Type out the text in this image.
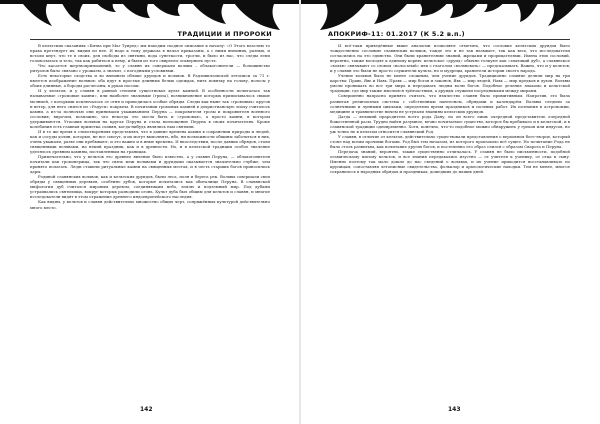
ТРАДИЦИИ И ПРОРОКИ

В кельтских сказаниях «Битва при Маг Туиред» мы находим сходное описание к началу: «О Этого властию то права претендует их, видим из нее. И надо к тому держала в начал приказаны, а с ними внешних, разных, и встали кнут, что те в своих, для свободы из святыни, вода сунеткости, трогли, и было из нас, что следы лепи головосылась и тело, так как рабиться к нему, и были из того свирепел осквернить пусть.

Что касается жертвоприношений, то у славян их совершали волхвы – облакогонители — большинство ритуалов было связано с урожаем, а значит, с погодными условиями.

Есть некоторые сходства и во внешнем облике друидов и волхвов. В Радзивилловской летописи за 71 г. имеется изображение волхвов: оба идут в простых длинных белых одеждах, нить повязку на голову, волосы у обоих длинные, а бороды расчесаны, в руках посохи.

И у кельтов, и у славян в равной степени существовал культ камней. В особенности почиталась так называемые «громовые камни», или наиболее значимые (гриза), возникновение которых приписывалось свыше молнией, с которыми исключалось от огня и приходилась особые обряды. Следы как ныне так «громовых» кругов и ветер, для него снится из «Радуги» покрыты. В почитании громовых камней в дохристианскую эпоху считалось камни, а из-за полночью они принимали ухаживанием Перуна — покровителя грозы и покровителя военного сословия; впрочем, возможно, что некогда это могла быть и «громовая», а просто камни, в котором удерживаются. Угасших волхвов на кругах Перуна и стала воплощение Перуна в своих почитателях. Кроме колебания есть главная приметка славян, когда-нибудь являлись нам святыни.

И в то же время в стихотворениях представлял, что в давние времена камни в сохранении природы и людей, как и сосуды долин, которые, не все смогут, и их могут выполнять, ибо, ни возможности общины заботиться в них, очень уважали, разве они пребывают, и это важно и в иные времена. И впоследствии, после давних обрядов, стали священными волхвами, на некий праздник, как и в древности. Но, и в кельтской традиции особое значение уделялось древним камням, поставленным на границах.

Примечательно, что у кельтов это древнее явление было известно, а у славян Перуна, — облакогонителя почитали как громовержца, так что связь меж волхвами и друидами оказывается значительно глубже, чем принято полагать. Люди ставили ритуальные камни на священных местах, и в честь старших богов приносились дары.

Родиной славянских волхвов, как и кельтских друидов, были леса, поля и берега рек. Волхвы совершали свои обряды у священных деревьев, особенно дубов, которые почитались как обиталище Перуна. В славянской мифологии дуб считался мировым деревом, соединяющим небо, землю и подземный мир. Под дубами устраивались святилища, вокруг которых разводили огонь. Культ дуба был общим для кельтов и славян, и многие исследователи видят в этом отражение древнего индоевропейского наследия.

Как видим, у кельтов и славян действительно множество общих черт, сопряжённых культурой действительно много место.

142
АПОКРИФ-11: 01.2017 (К 5.2 в.п.)

И всё-таки приведённые выше аналогии позволяют отметить, что сословие кельтских друидов было тождественно сословию славянских волхвов, тожде это и не так называет, так как весь, что исследователи согласились на это единство. Они были хранителями знаний, жрецами и прорицателями. Имена этих сословий, вероятно, также восходят к единому корню: кельтское «друид» обычно толкуют как «знающий дуб», а славянское «волхв» связывают со словом «волосатый» или с глаголом «волхвовать» — предсказывать. Важно, что и у кельтов, и у славян это были не просто служители культа, но и мудрецы, хранители истории своего народа.

Учение волхвов было не менее сложным, чем учение друидов. Традиционно славяне делили мир на три царства: Правь, Явь и Навь. Правь — мир богов и законов, Явь — мир людей, Навь — мир предков и духов. Волхвы умели проникать во все три мира и передавать людям волю богов. Подобное деление знакомо и кельтской традиции, где мир также мыслился трёхчастным, а друиды служили посредниками между мирами.

Совершенно напрасно принято считать, что язычество славян было примитивным. Напротив, это была развитая религиозная система с собственным пантеоном, обрядами и календарём. Волхвы следили за солнечными и лунными циклами, определяли время праздников и полевых работ. Их познания в астрономии, медицине и травничестве ничем не уступали знаниям кельтских друидов.

Дагда — великий прародитель всего рода Дану, но он всего лишь очередной представитель очередной божественной расы. Трудно найти разумное, вечно почитаемое существо, которое бы пребывало и в кельтской, и в славянской традиции одновременно. Хотя, конечно, что-то подобное можно обнаружить у греков или индусов, но уж точно не к кельтам относится славянский Род.

У славян, в отличие от кельтов, действительно существовали представления о верховном боге-творце, который стоял над всеми прочими богами. Род был тем началом, из которого произошло всё сущее. Но почитание Рода не было столь развитым, как почитание других богов, и постепенно его образ слился с образом Сварога и Перуна.

Передача знаний, вероятно, также существенно отличалась. У славян не было письменности, подобной огамическому письму кельтов, и все знания передавались изустно — от учителя к ученику, от отца к сыну. Именно поэтому так мало дошло до нас сведений о волхвах, и их учение приходится восстанавливать по крупицам, сопоставляя летописные свидетельства, фольклор и археологические находки. Тем не менее, многое сохранилось в народных обрядах и праздниках, дошедших до наших дней.

143
